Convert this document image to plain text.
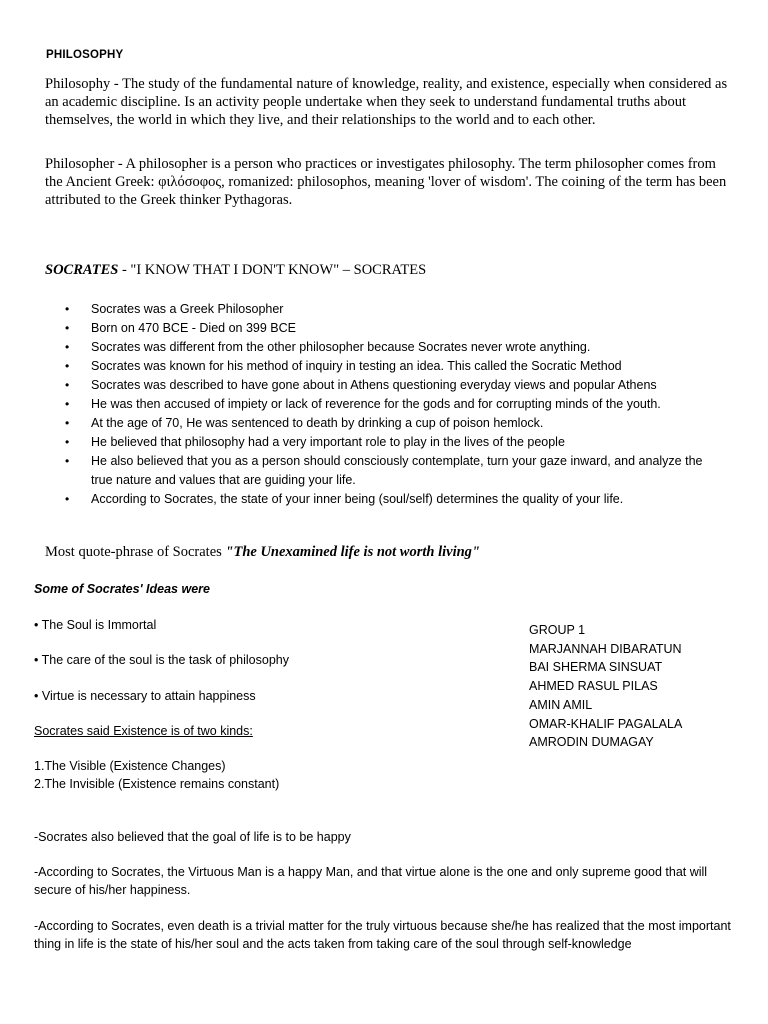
PHILOSOPHY

Philosophy - The study of the fundamental nature of knowledge, reality, and existence, especially when considered as an academic discipline. Is an activity people undertake when they seek to understand fundamental truths about themselves, the world in which they live, and their relationships to the world and to each other.

Philosopher - A philosopher is a person who practices or investigates philosophy. The term philosopher comes from the Ancient Greek: φιλόσοφος, romanized: philosophos, meaning 'lover of wisdom'. The coining of the term has been attributed to the Greek thinker Pythagoras.

SOCRATES - "I KNOW THAT I DON'T KNOW" – SOCRATES
• Socrates was a Greek Philosopher
• Born on 470 BCE - Died on 399 BCE
• Socrates was different from the other philosopher because Socrates never wrote anything.
• Socrates was known for his method of inquiry in testing an idea. This called the Socratic Method
• Socrates was described to have gone about in Athens questioning everyday views and popular Athens
• He was then accused of impiety or lack of reverence for the gods and for corrupting minds of the youth.
• At the age of 70, He was sentenced to death by drinking a cup of poison hemlock.
• He believed that philosophy had a very important role to play in the lives of the people
• He also believed that you as a person should consciously contemplate, turn your gaze inward, and analyze the true nature and values that are guiding your life.
• According to Socrates, the state of your inner being (soul/self) determines the quality of your life.
Most quote-phrase of Socrates "The Unexamined life is not worth living"
Some of Socrates' Ideas were
• The Soul is Immortal
• The care of the soul is the task of philosophy
• Virtue is necessary to attain happiness
Socrates said Existence is of two kinds:
1.The Visible (Existence Changes)
2.The Invisible (Existence remains constant)
-Socrates also believed that the goal of life is to be happy
-According to Socrates, the Virtuous Man is a happy Man, and that virtue alone is the one and only supreme good that will secure of his/her happiness.
-According to Socrates, even death is a trivial matter for the truly virtuous because she/he has realized that the most important thing in life is the state of his/her soul and the acts taken from taking care of the soul through self-knowledge
GROUP 1
MARJANNAH DIBARATUN
BAI SHERMA SINSUAT
AHMED RASUL PILAS
AMIN AMIL
OMAR-KHALIF PAGALALA
AMRODIN DUMAGAY
